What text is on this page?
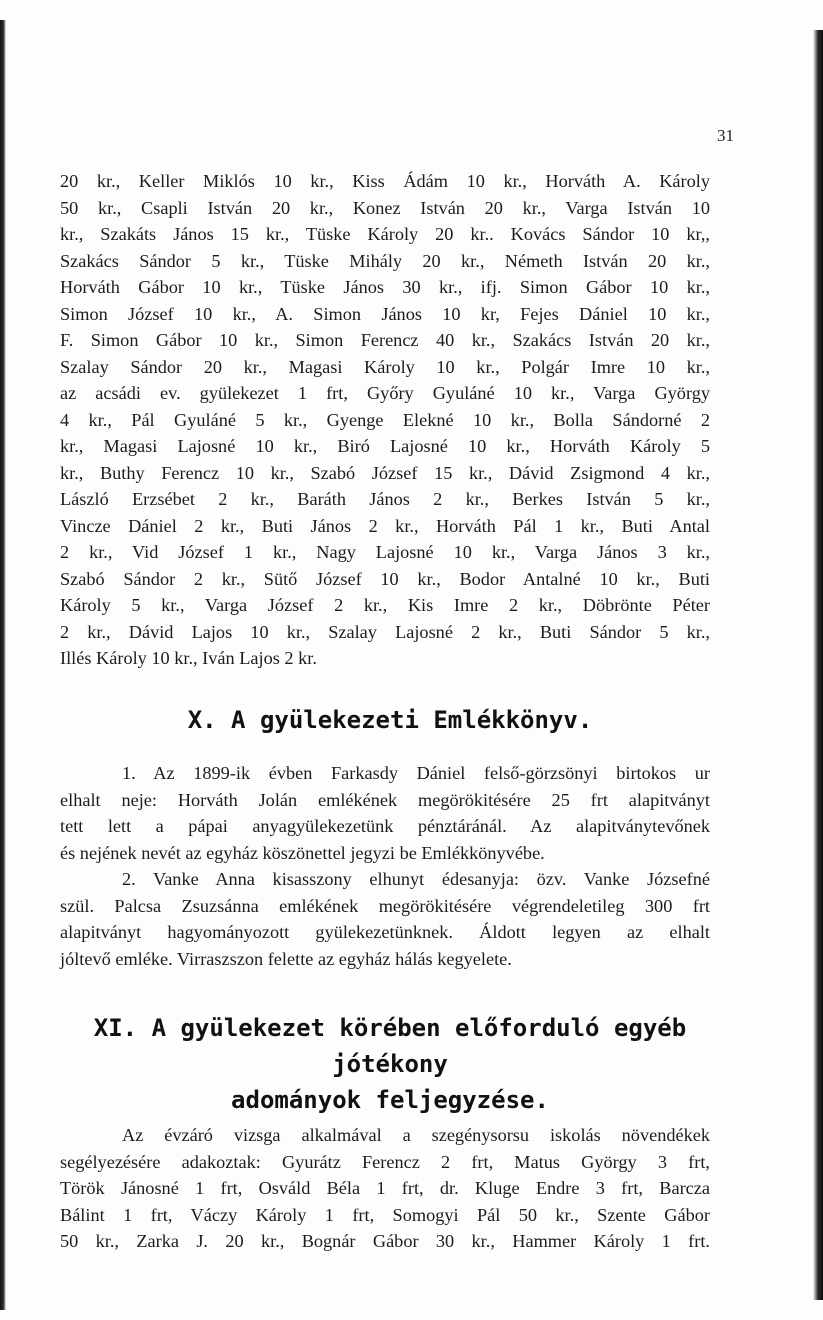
31
20 kr., Keller Miklós 10 kr., Kiss Ádám 10 kr., Horváth A. Károly
50 kr., Csapli István 20 kr., Konez István 20 kr., Varga István 10
kr., Szakáts János 15 kr., Tüske Károly 20 kr.. Kovács Sándor 10 kr,,
Szakács Sándor 5 kr., Tüske Mihály 20 kr., Németh István 20 kr.,
Horváth Gábor 10 kr., Tüske János 30 kr., ifj. Simon Gábor 10 kr.,
Simon József 10 kr., A. Simon János 10 kr, Fejes Dániel 10 kr.,
F. Simon Gábor 10 kr., Simon Ferencz 40 kr., Szakács István 20 kr.,
Szalay Sándor 20 kr., Magasi Károly 10 kr., Polgár Imre 10 kr.,
az acsádi ev. gyülekezet 1 frt, Győry Gyuláné 10 kr., Varga György
4 kr., Pál Gyuláné 5 kr., Gyenge Elekné 10 kr., Bolla Sándorné 2
kr., Magasi Lajosné 10 kr., Biró Lajosné 10 kr., Horváth Károly 5
kr., Buthy Ferencz 10 kr., Szabó József 15 kr., Dávid Zsigmond 4 kr.,
László Erzsébet 2 kr., Baráth János 2 kr., Berkes István 5 kr.,
Vincze Dániel 2 kr., Buti János 2 kr., Horváth Pál 1 kr., Buti Antal
2 kr., Vid József 1 kr., Nagy Lajosné 10 kr., Varga János 3 kr.,
Szabó Sándor 2 kr., Sütő József 10 kr., Bodor Antalné 10 kr., Buti
Károly 5 kr., Varga József 2 kr., Kis Imre 2 kr., Döbrönte Péter
2 kr., Dávid Lajos 10 kr., Szalay Lajosné 2 kr., Buti Sándor 5 kr.,
Illés Károly 10 kr., Iván Lajos 2 kr.
X. A gyülekezeti Emlékkönyv.
1. Az 1899-ik évben Farkasdy Dániel felső-görzsönyi birtokos ur
elhalt neje: Horváth Jolán emlékének megörökitésére 25 frt alapitványt
tett lett a pápai anyagyülekezetünk pénztáránál. Az alapitványtevőnek
és nejének nevét az egyház köszönettel jegyzi be Emlékkönyvébe.
2. Vanke Anna kisasszony elhunyt édesanyja: özv. Vanke Józsefné
szül. Palcsa Zsuzsánna emlékének megörökitésére végrendeletileg 300 frt
alapitványt hagyományozott gyülekezetünknek. Áldott legyen az elhalt
jóltevő emléke. Virraszszon felette az egyház hálás kegyelete.
XI. A gyülekezet körében előforduló egyéb jótékony
adományok feljegyzése.
Az évzáró vizsga alkalmával a szegénysorsu iskolás növendékek
segélyezésére adakoztak: Gyurátz Ferencz 2 frt, Matus György 3 frt,
Török Jánosné 1 frt, Osváld Béla 1 frt, dr. Kluge Endre 3 frt, Barcza
Bálint 1 frt, Váczy Károly 1 frt, Somogyi Pál 50 kr., Szente Gábor
50 kr., Zarka J. 20 kr., Bognár Gábor 30 kr., Hammer Károly 1 frt.
